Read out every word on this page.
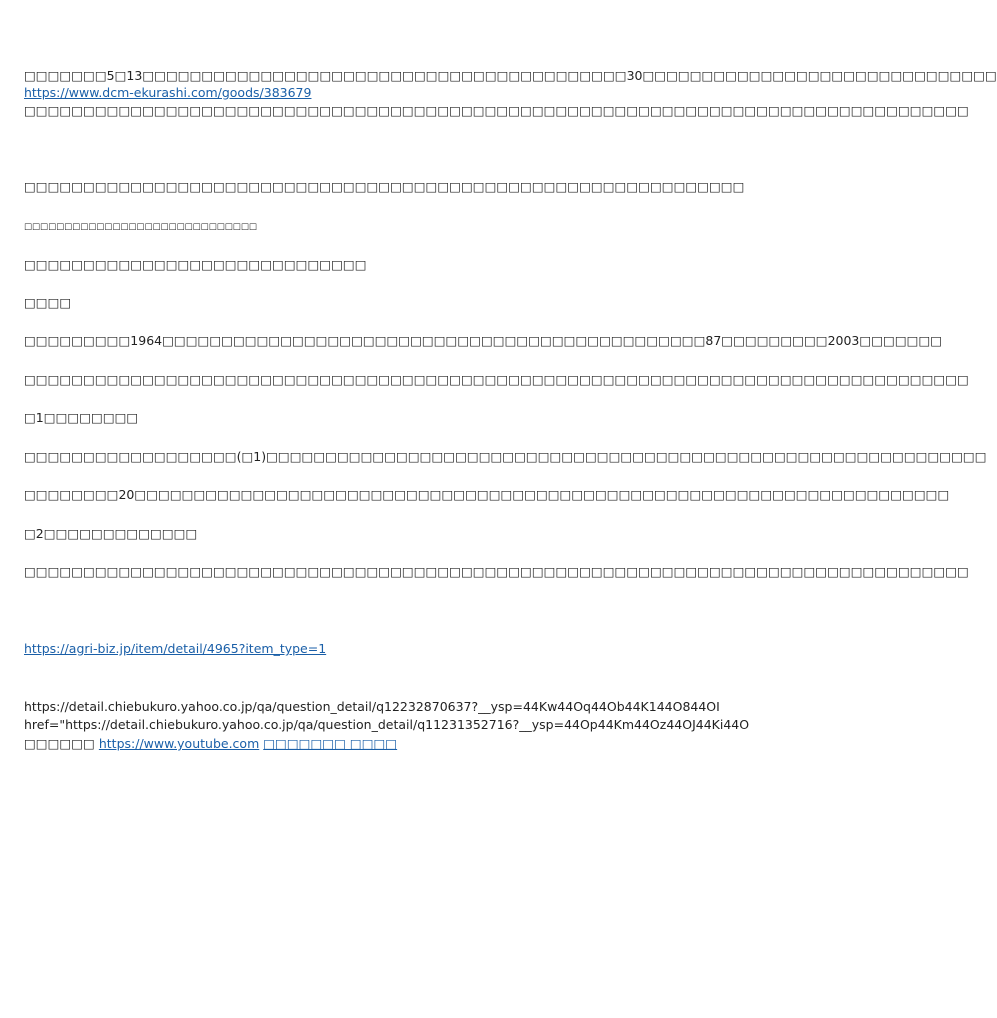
□□□□□□□5□13□□□□□□□□□□□□□□□□□□□□□□□□□□□□□□□□□□□□□□□□□30□□□□□□□□□□□□□□□□□□□□□□□□□□□□□□
https://www.dcm-ekurashi.com/goods/383679
□□□□□□□□□□□□□□□□□□□□□□□□□□□□□□□□□□□□□□□□□□□□□□□□□□□□□□□□□□□□□□□□□□□□□□□□□□□□□□□□
□□□□□□□□□□□□□□□□□□□□□□□□□□□□□□□□□□□□□□□□□□□□□□□□□□□□□□□□□□□□□
□□□□□□□□□□□□□□□□□□□□□□□□□□□□□
□□□□□□□□□□□□□□□□□□□□□□□□□□□□□
□□□□
□□□□□□□□□1964□□□□□□□□□□□□□□□□□□□□□□□□□□□□□□□□□□□□□□□□□□□□□□87□□□□□□□□□2003□□□□□□□
□□□□□□□□□□□□□□□□□□□□□□□□□□□□□□□□□□□□□□□□□□□□□□□□□□□□□□□□□□□□□□□□□□□□□□□□□□□□□□□□
□1□□□□□□□□
□□□□□□□□□□□□□□□□□□(□1)□□□□□□□□□□□□□□□□□□□□□□□□□□□□□□□□□□□□□□□□□□□□□□□□□□□□□□□□□□□□□
□□□□□□□□20□□□□□□□□□□□□□□□□□□□□□□□□□□□□□□□□□□□□□□□□□□□□□□□□□□□□□□□□□□□□□□□□□□□□□
□2□□□□□□□□□□□□□
□□□□□□□□□□□□□□□□□□□□□□□□□□□□□□□□□□□□□□□□□□□□□□□□□□□□□□□□□□□□□□□□□□□□□□□□□□□□□□□□
https://agri-biz.jp/item/detail/4965?item_type=1
https://detail.chiebukuro.yahoo.co.jp/qa/question_detail/q12232870637?__ysp=44Kw44Oq44Ob44K144O844OI
href="https://detail.chiebukuro.yahoo.co.jp/qa/question_detail/q11231352716?__ysp=44Op44Km44Oz44OJ44Ki44O
□□□□□□ https://www.youtube.com □□□□□□□ □□□□
